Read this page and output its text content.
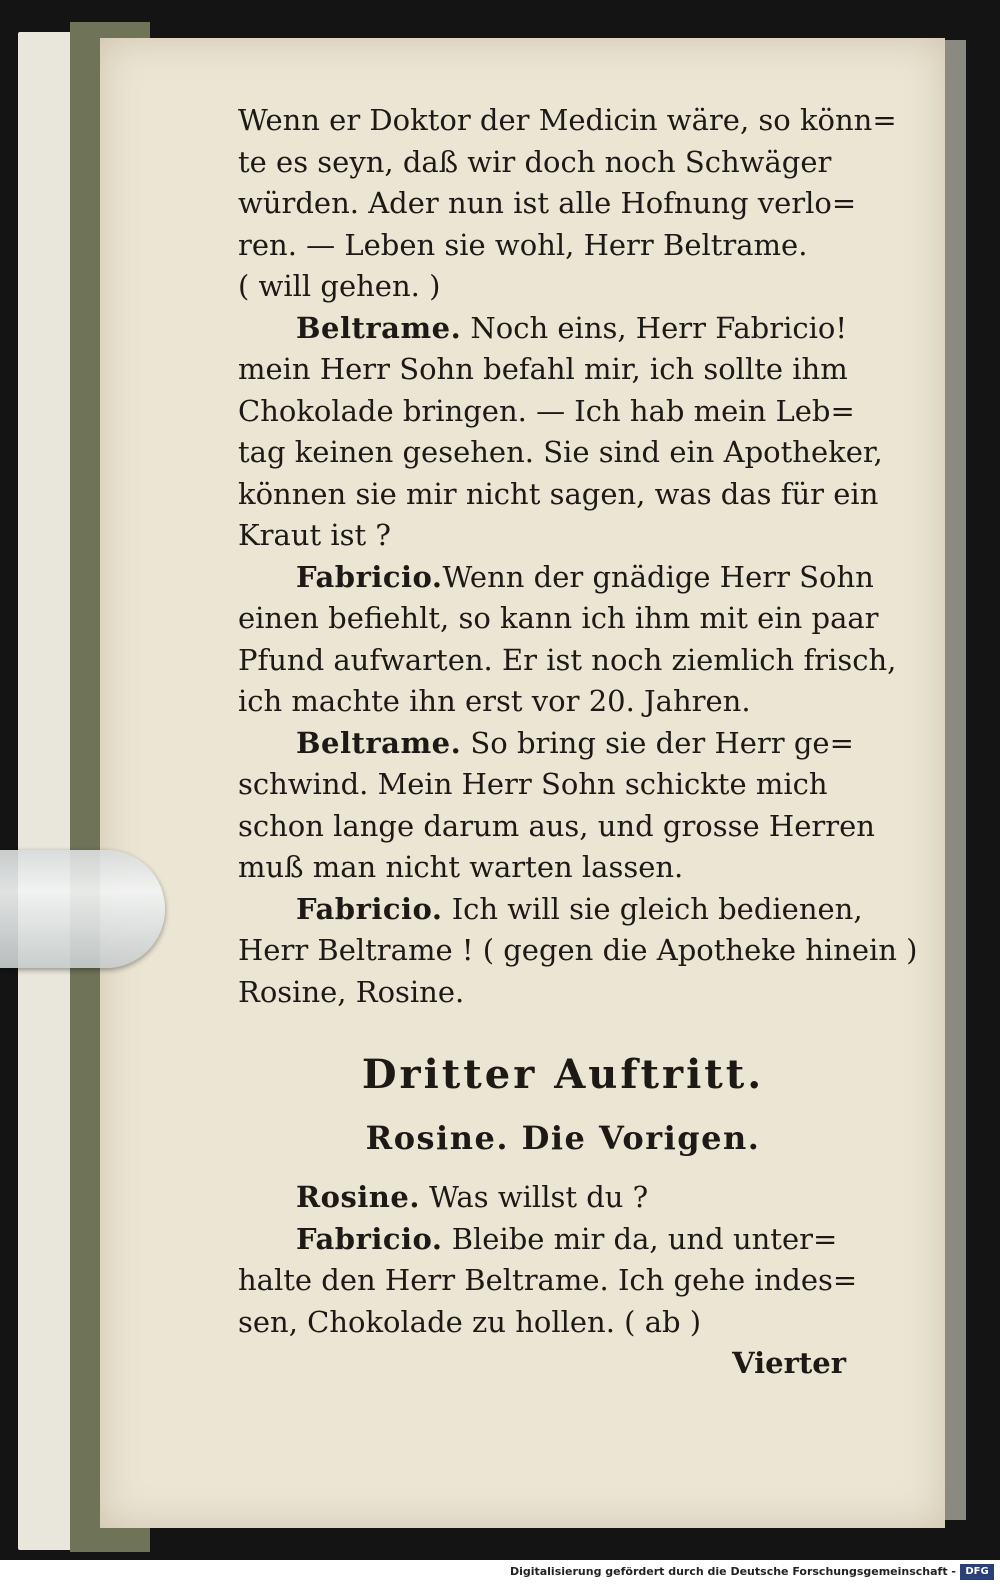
Wenn er Doktor der Medicin wäre, so könn=
te es seyn, daß wir doch noch Schwäger
würden. Ader nun ist alle Hofnung verlo=
ren. — Leben sie wohl, Herr Beltrame.
( will gehen. )

Beltrame. Noch eins, Herr Fabricio!
mein Herr Sohn befahl mir, ich sollte ihm
Chokolade bringen. — Ich hab mein Leb=
tag keinen gesehen. Sie sind ein Apotheker,
können sie mir nicht sagen, was das für ein
Kraut ist ?

Fabricio.Wenn der gnädige Herr Sohn
einen befiehlt, so kann ich ihm mit ein paar
Pfund aufwarten. Er ist noch ziemlich frisch,
ich machte ihn erst vor 20. Jahren.

Beltrame. So bring sie der Herr ge=
schwind. Mein Herr Sohn schickte mich
schon lange darum aus, und grosse Herren
muß man nicht warten lassen.

Fabricio. Ich will sie gleich bedienen,
Herr Beltrame ! ( gegen die Apotheke hinein )
Rosine, Rosine.

Dritter Auftritt.
Rosine. Die Vorigen.

Rosine. Was willst du ?

Fabricio. Bleibe mir da, und unter=
halte den Herr Beltrame. Ich gehe indes=
sen, Chokolade zu hollen. ( ab )

Vierter
Digitalisierung gefördert durch die Deutsche Forschungsgemeinschaft - DFG
